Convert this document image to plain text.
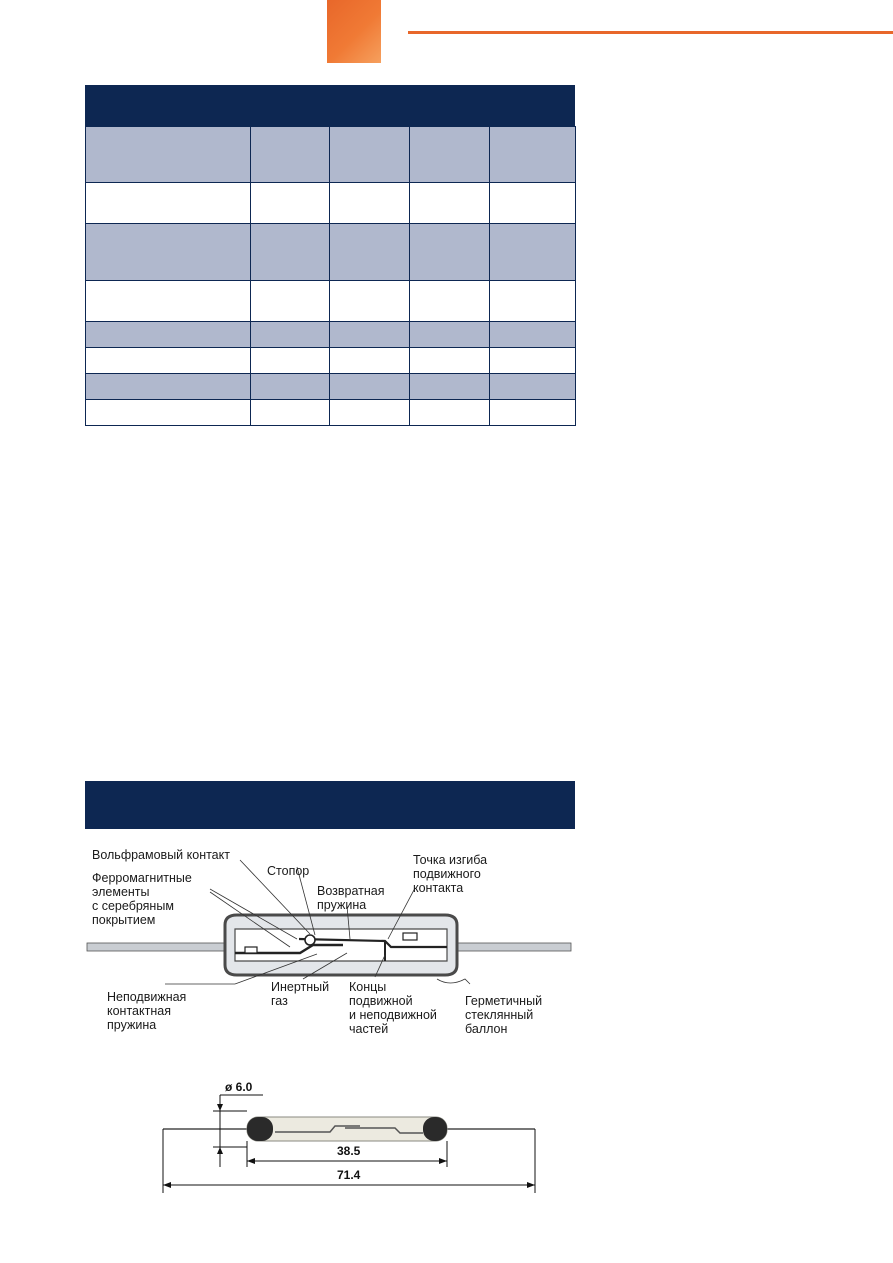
Вольфрамовый контакт
Стопор
Точка изгиба
подвижного
контакта
Ферромагнитные
элементы
с серебряным
покрытием
Возвратная
пружина
Неподвижная
контактная
пружина
Инертный
газ
Концы
подвижной
и неподвижной
частей
Герметичный
стеклянный
баллон
ø 6.0
38.5
71.4
